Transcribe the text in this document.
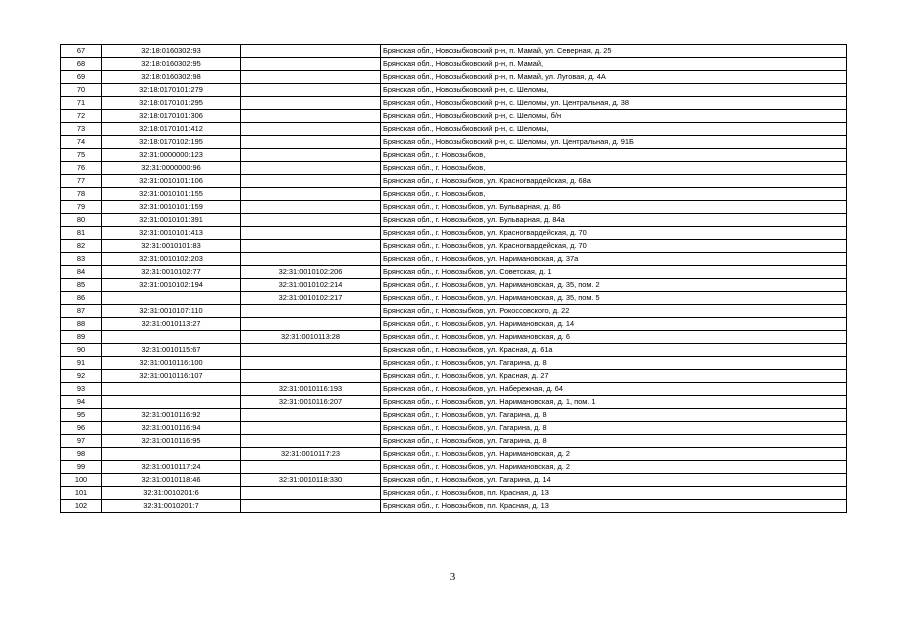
67	32:18:0160302:93		Брянская обл., Новозыбковский р-н, п. Мамай, ул. Северная, д. 25
68	32:18:0160302:95		Брянская обл., Новозыбковский р-н, п. Мамай,
69	32:18:0160302:98		Брянская обл., Новозыбковский р-н, п. Мамай, ул. Луговая, д. 4А
70	32:18:0170101:279		Брянская обл., Новозыбковский р-н, с. Шеломы,
71	32:18:0170101:295		Брянская обл., Новозыбковский р-н, с. Шеломы, ул. Центральная, д. 38
72	32:18:0170101:306		Брянская обл., Новозыбковский р-н, с. Шеломы, б/н
73	32:18:0170101:412		Брянская обл., Новозыбковский р-н, с. Шеломы,
74	32:18:0170102:195		Брянская обл., Новозыбковский р-н, с. Шеломы, ул. Центральная, д. 91Б
75	32:31:0000000:123		Брянская обл., г. Новозыбков,
76	32:31:0000000:96		Брянская обл., г. Новозыбков,
77	32:31:0010101:106		Брянская обл., г. Новозыбков, ул. Красногвардейская, д. 68а
78	32:31:0010101:155		Брянская обл., г. Новозыбков,
79	32:31:0010101:159		Брянская обл., г. Новозыбков, ул. Бульварная, д. 86
80	32:31:0010101:391		Брянская обл., г. Новозыбков, ул. Бульварная, д. 84а
81	32:31:0010101:413		Брянская обл., г. Новозыбков, ул. Красногвардейская, д. 70
82	32:31:0010101:83		Брянская обл., г. Новозыбков, ул. Красногвардейская, д. 70
83	32:31:0010102:203		Брянская обл., г. Новозыбков, ул. Наримановская, д. 37а
84	32:31:0010102:77	32:31:0010102:206	Брянская обл., г. Новозыбков, ул. Советская, д. 1
85	32:31:0010102:194	32:31:0010102:214	Брянская обл., г. Новозыбков, ул. Наримановская, д. 35, пом. 2
86		32:31:0010102:217	Брянская обл., г. Новозыбков, ул. Наримановская, д. 35, пом. 5
87	32:31:0010107:110		Брянская обл., г. Новозыбков, ул. Рокоссовского, д. 22
88	32:31:0010113:27		Брянская обл., г. Новозыбков, ул. Наримановская, д. 14
89		32:31:0010113:28	Брянская обл., г. Новозыбков, ул. Наримановская, д. 6
90	32:31:0010115:67		Брянская обл., г. Новозыбков, ул. Красная, д. 61а
91	32:31:0010116:100		Брянская обл., г. Новозыбков, ул. Гагарина, д. 8
92	32:31:0010116:107		Брянская обл., г. Новозыбков, ул. Красная, д. 27
93		32:31:0010116:193	Брянская обл., г. Новозыбков, ул. Набережная, д. 64
94		32:31:0010116:207	Брянская обл., г. Новозыбков, ул. Наримановская, д. 1, пом. 1
95	32:31:0010116:92		Брянская обл., г. Новозыбков, ул. Гагарина, д. 8
96	32:31:0010116:94		Брянская обл., г. Новозыбков, ул. Гагарина, д. 8
97	32:31:0010116:95		Брянская обл., г. Новозыбков, ул. Гагарина, д. 8
98		32:31:0010117:23	Брянская обл., г. Новозыбков, ул. Наримановская, д. 2
99	32:31:0010117:24		Брянская обл., г. Новозыбков, ул. Наримановская, д. 2
100	32:31:0010118:46	32:31:0010118:330	Брянская обл., г. Новозыбков, ул. Гагарина, д. 14
101	32:31:0010201:6		Брянская обл., г. Новозыбков, пл. Красная, д. 13
102	32:31:0010201:7		Брянская обл., г. Новозыбков, пл. Красная, д. 13
3
